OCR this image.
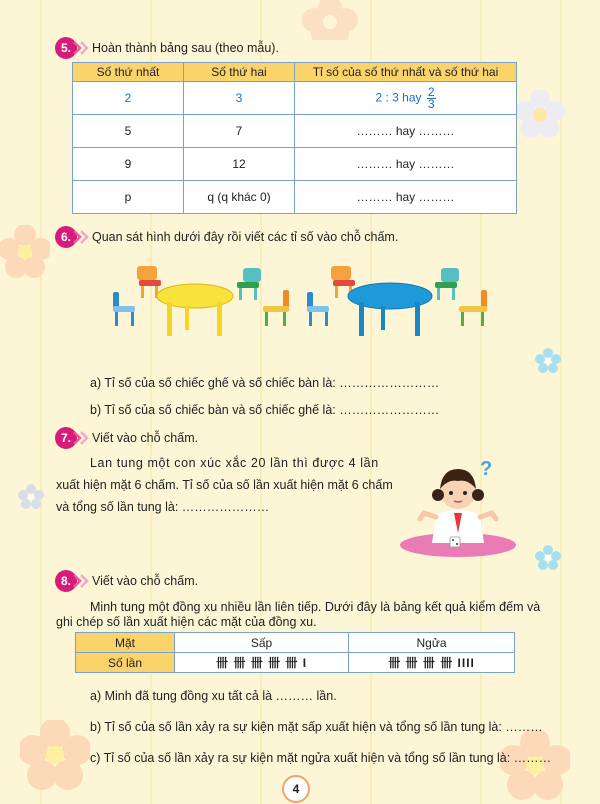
5.	Hoàn thành bảng sau (theo mẫu).
Số thứ nhất	Số thứ hai	Tỉ số của số thứ nhất và số thứ hai
2	3	2 : 3 hay $\frac{2}{3}$

5	7	……… hay ………
9	12	……… hay ………
p	q (q khác 0)	……… hay ………
6.	Quan sát hình dưới đây rồi viết các tỉ số vào chỗ chấm.
a) Tỉ số của số chiếc ghế và số chiếc bàn là: ……………………
b) Tỉ số của số chiếc bàn và số chiếc ghế là: ……………………
7.	Viết vào chỗ chấm.
Lan tung một con xúc xắc 20 lần thì được 4 lần
xuất hiện mặt 6 chấm. Tỉ số của số lần xuất hiện mặt 6 chấm
và tổng số lần tung là: …………………
?
8.	Viết vào chỗ chấm.
Minh tung một đồng xu nhiều lần liên tiếp. Dưới đây là bảng kết quả kiểm đếm và
ghi chép số lần xuất hiện các mặt của đồng xu.
Mặt	Sấp	Ngửa
Số lần	卌 卌 卌 卌 卌 I	卌 卌 卌 卌 IIII
a) Minh đã tung đồng xu tất cả là ……… lần.
b) Tỉ số của số lần xảy ra sự kiện mặt sấp xuất hiện và tổng số lần tung là: ………
c) Tỉ số của số lần xảy ra sự kiện mặt ngửa xuất hiện và tổng số lần tung là: ………
4
